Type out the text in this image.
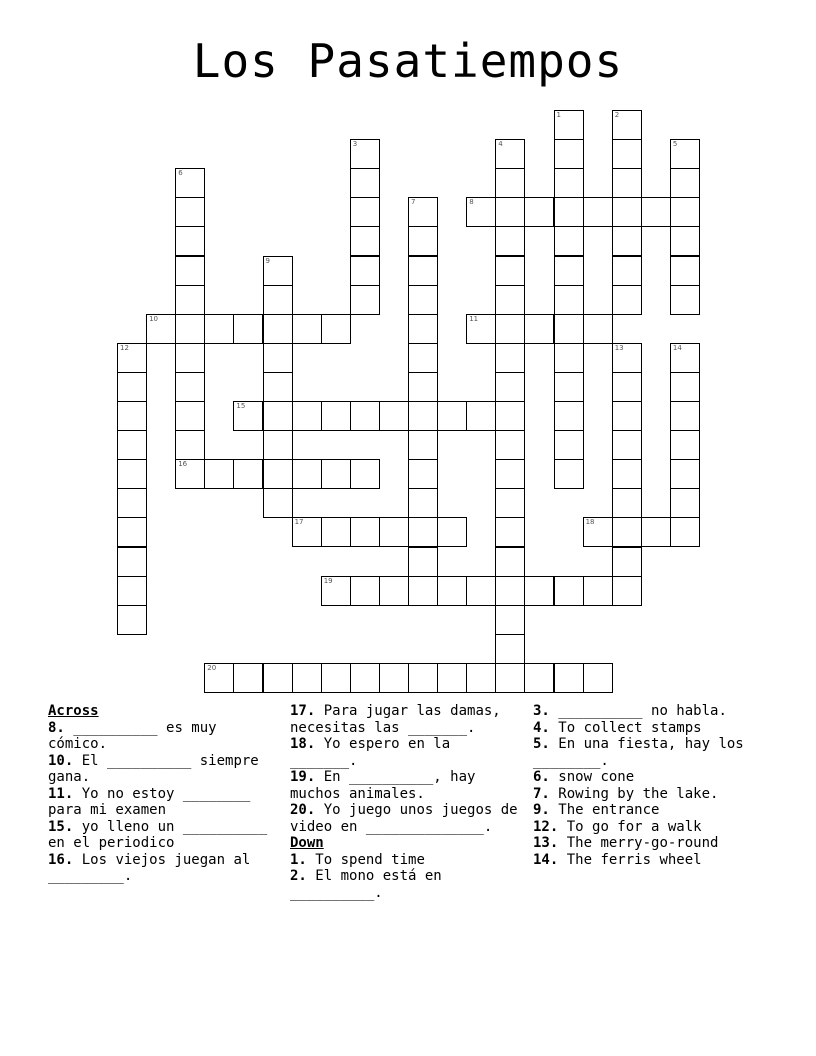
Los Pasatiempos
1	2
3	4	5
6
7
9
12	13	14
8
10	11
15
16
17	18
19
20
Across
8. __________ es muy cómico.
10. El __________ siempre gana.
11. Yo no estoy ________ para mi examen
15. yo lleno un __________ en el periodico
16. Los viejos juegan al _________.
17. Para jugar las damas, necesitas las _______.
18. Yo espero en la _______.
19. En __________, hay muchos animales.
20. Yo juego unos juegos de video en ______________.
Down
1. To spend time
2. El mono está en __________.
3. __________ no habla.
4. To collect stamps
5. En una fiesta, hay los ________.
6. snow cone
7. Rowing by the lake.
9. The entrance
12. To go for a walk
13. The merry-go-round
14. The ferris wheel
